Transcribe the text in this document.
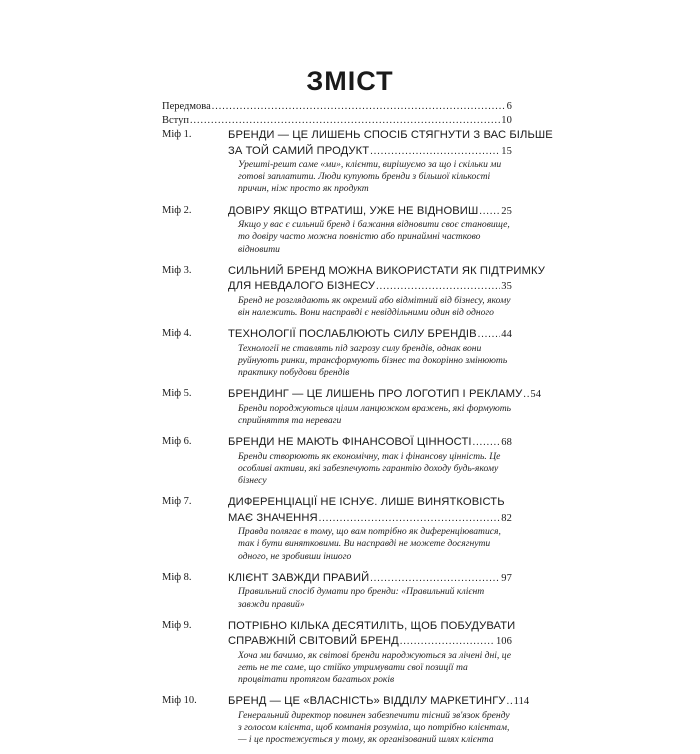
ЗМІСТ
Передмова .....	6
Вступ .....	10
Міф 1.	БРЕНДИ — ЦЕ ЛИШЕНЬ СПОСІБ СТЯГНУТИ З ВАС БІЛЬШЕ
ЗА ТОЙ САМИЙ ПРОДУКТ .....	15
Урешті-решт саме «ми», клієнти, вирішуємо за що і скільки ми готові заплатити. Люди купують бренди з більшої кількості причин, ніж просто як продукт
Міф 2.	ДОВІРУ ЯКЩО ВТРАТИШ, УЖЕ НЕ ВІДНОВИШ ..... 25
Якщо у вас є сильний бренд і бажання відновити своє становище, то довіру часто можна повністю або принаймні частково відновити
Міф 3.	СИЛЬНИЙ БРЕНД МОЖНА ВИКОРИСТАТИ ЯК ПІДТРИМКУ
ДЛЯ НЕВДАЛОГО БІЗНЕСУ .....	35
Бренд не розглядають як окремий або відмітний від бізнесу, якому він належить. Вони насправді є невіддільними один від одного
Міф 4.	ТЕХНОЛОГІЇ ПОСЛАБЛЮЮТЬ СИЛУ БРЕНДІВ ..... 44
Технології не ставлять під загрозу силу брендів, однак вони руйнують ринки, трансформують бізнес та докорінно змінюють практику побудови брендів
Міф 5.	БРЕНДИНГ — ЦЕ ЛИШЕНЬ ПРО ЛОГОТИП І РЕКЛАМУ ..... 54
Бренди породжуються цілим ланцюжком вражень, які формують сприйняття та нереваги
Міф 6.	БРЕНДИ НЕ МАЮТЬ ФІНАНСОВОЇ ЦІННОСТІ .....	68
Бренди створюють як економічну, так і фінансову цінність. Це особливі активи, які забезпечують гарантію доходу будь-якому бізнесу
Міф 7.	ДИФЕРЕНЦІАЦІЇ НЕ ІСНУЄ. ЛИШЕ ВИНЯТКОВІСТЬ
МАЄ ЗНАЧЕННЯ .....	82
Правда полягає в тому, що вам потрібно як диференціюватися, так і бути винятковими. Ви насправді не можете досягнути одного, не зробивши іншого
Міф 8.	КЛІЄНТ ЗАВЖДИ ПРАВИЙ .....	97
Правильний спосіб думати про бренди: «Правильний клієнт завжди правий»
Міф 9.	ПОТРІБНО КІЛЬКА ДЕСЯТИЛІТЬ, ЩОБ ПОБУДУВАТИ
СПРАВЖНІЙ СВІТОВИЙ БРЕНД .....	106
Хоча ми бачимо, як світові бренди народжуються за лічені дні, це геть не те саме, що стійко утримувати свої позиції та процвітати протягом багатьох років
Міф 10.	БРЕНД — ЦЕ «ВЛАСНІСТЬ» ВІДДІЛУ МАРКЕТИНГУ ..... 114
Генеральний директор повинен забезпечити тісний зв'язок бренду з голосом клієнта, щоб компанія розуміла, що потрібно клієнтам,— і це простежується у тому, як організований шлях клієнта
